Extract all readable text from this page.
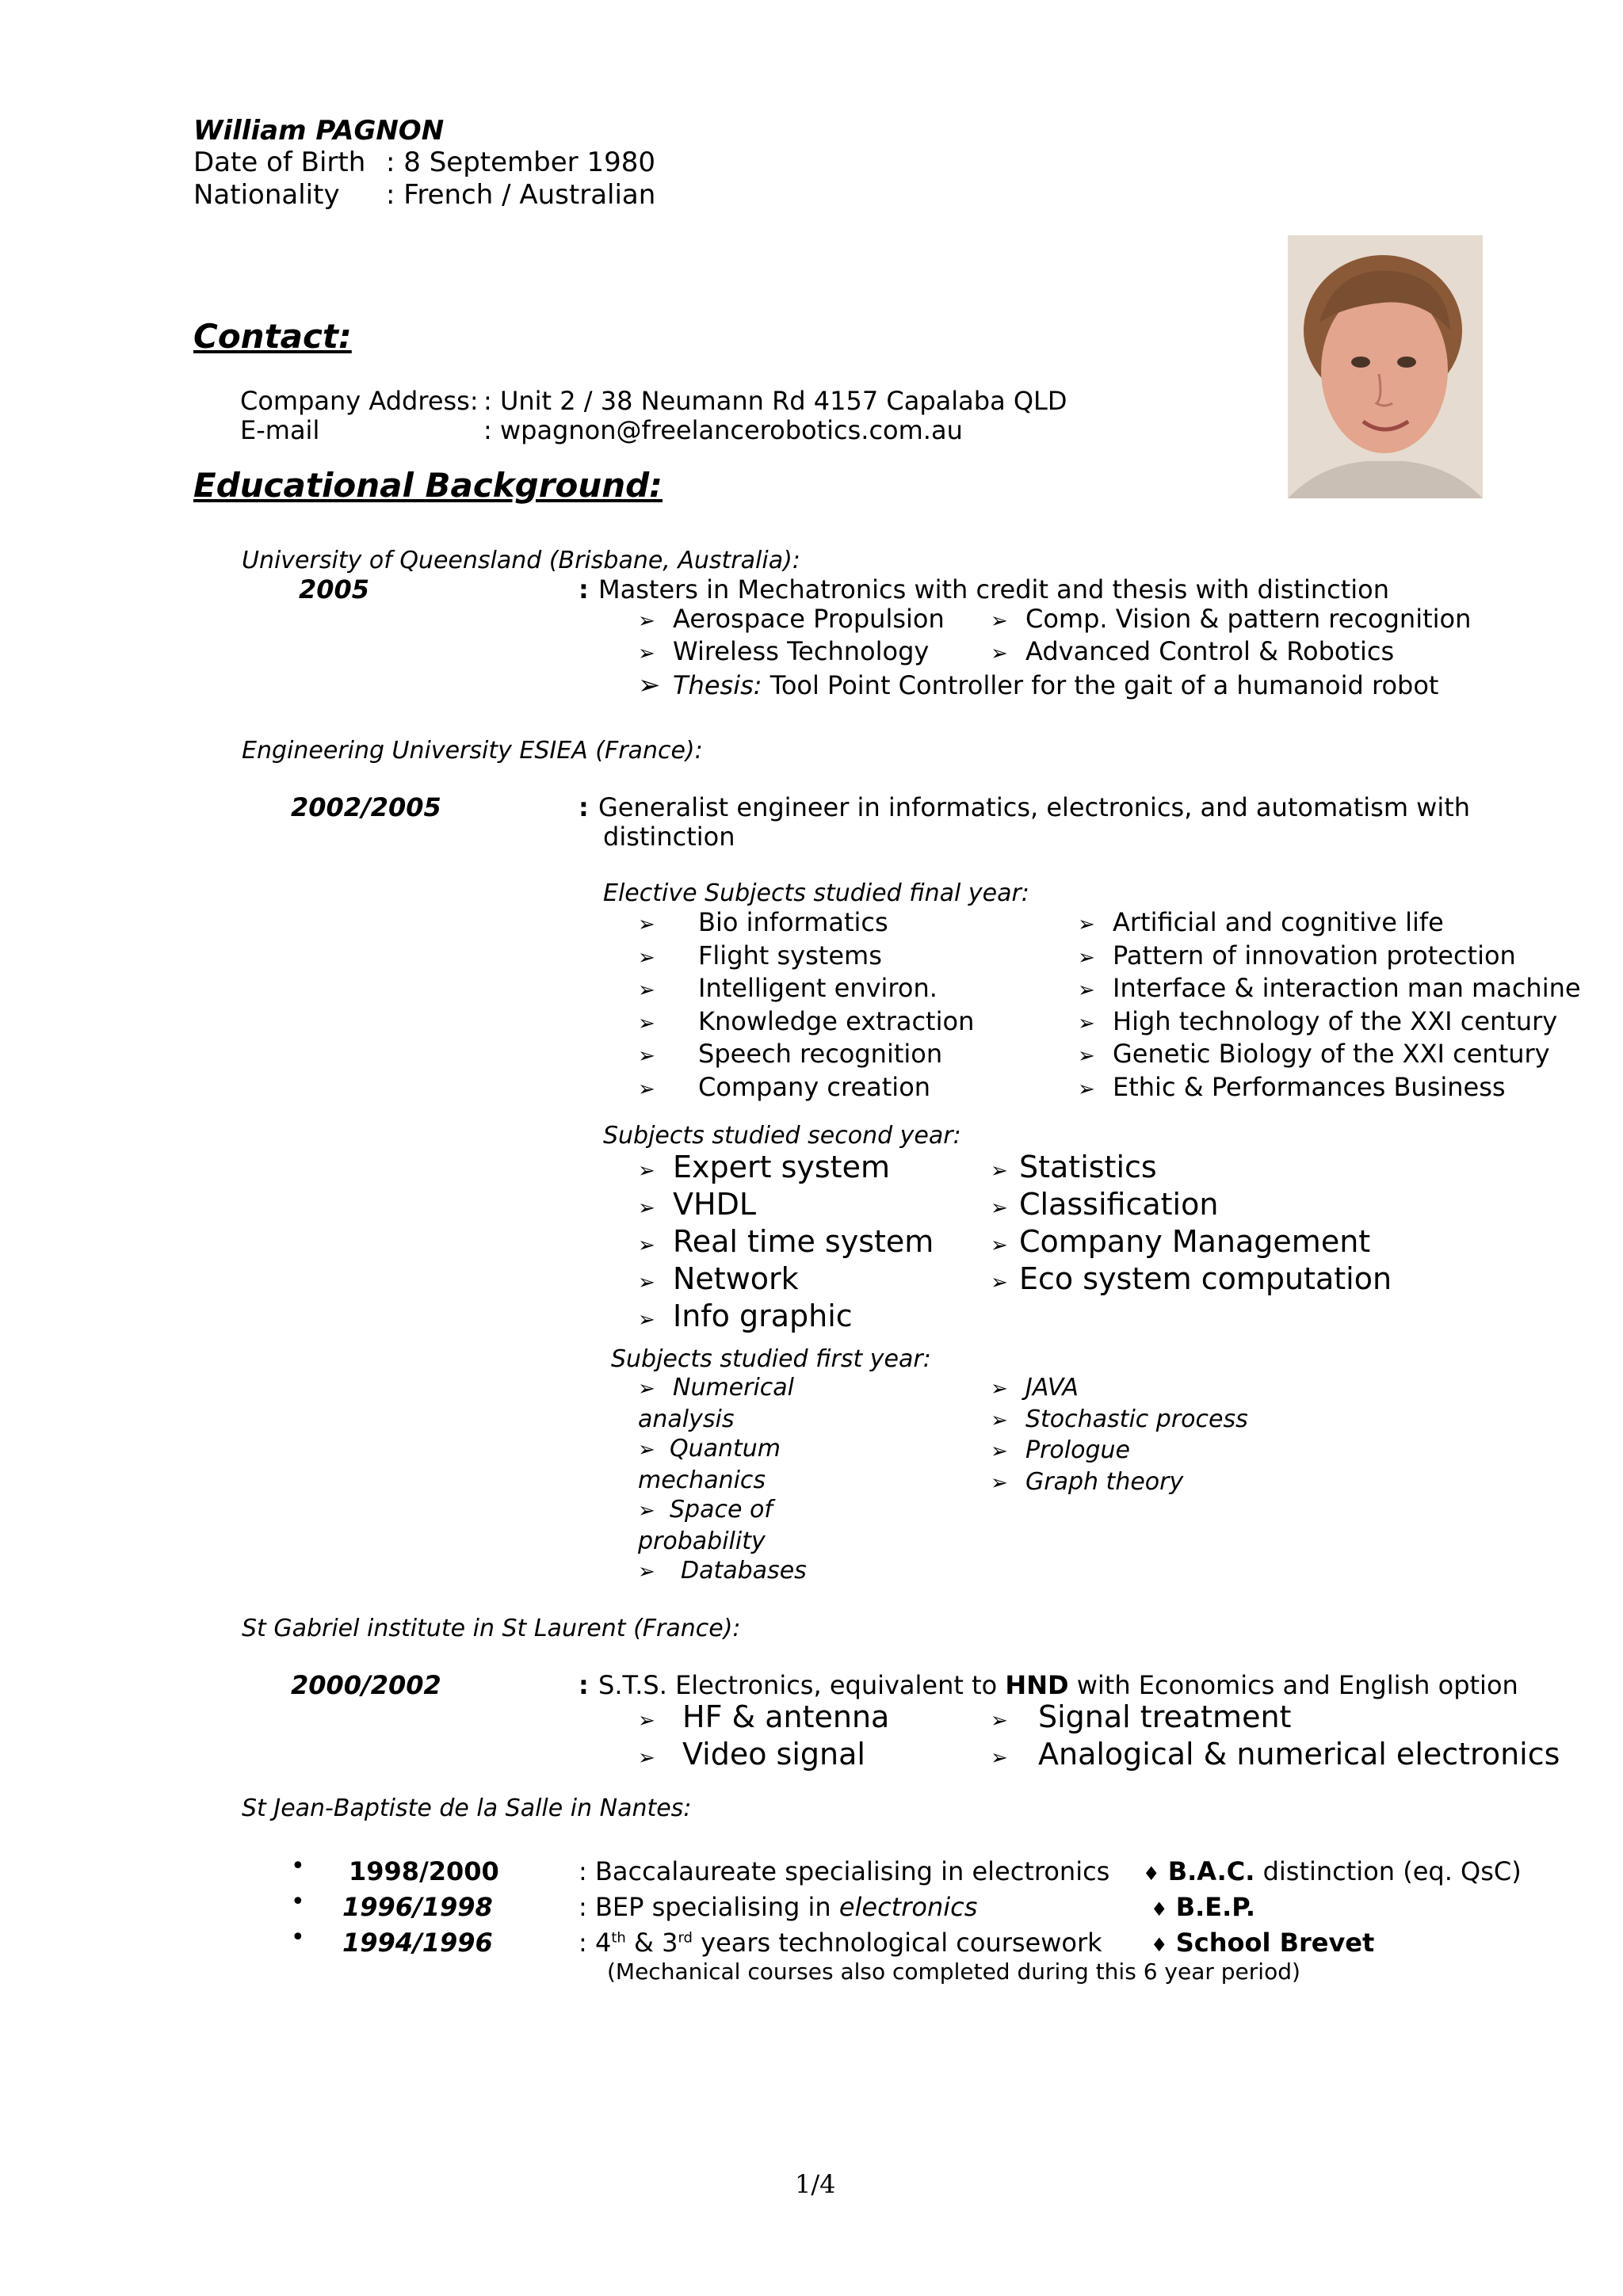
William PAGNON
Date of Birth : 8 September 1980
Nationality : French / Australian
Contact:
Company Address: : Unit 2 / 38 Neumann Rd 4157 Capalaba QLD
E-mail	: wpagnon@freelancerobotics.com.au
Educational Background:
University of Queensland (Brisbane, Australia):
2005	: Masters in Mechatronics with credit and thesis with distinction
➢ Aerospace Propulsion
➢ Wireless Technology
➢ Comp. Vision & pattern recognition
➢ Advanced Control & Robotics
➢ Thesis: Tool Point Controller for the gait of a humanoid robot
Engineering University ESIEA (France):
2002/2005	: Generalist engineer in informatics, electronics, and automatism with
distinction
Elective Subjects studied final year:
➢ Bio informatics
➢ Flight systems
➢ Intelligent environ.
➢ Knowledge extraction
➢ Speech recognition
➢ Company creation
➢ Artificial and cognitive life
➢ Pattern of innovation protection
➢ Interface & interaction man machine
➢ High technology of the XXI century
➢ Genetic Biology of the XXI century
➢ Ethic & Performances Business
Subjects studied second year:
➢ Expert system
➢ VHDL
➢ Real time system
➢ Network
➢ Info graphic
➢ Statistics
➢ Classification
➢ Company Management
➢ Eco system computation
Subjects studied first year:
➢ Numerical
analysis
➢ Quantum
mechanics
➢ Space of
probability
➢ Databases
➢ JAVA
➢ Stochastic process
➢ Prologue
➢ Graph theory
St Gabriel institute in St Laurent (France):
2000/2002	: S.T.S. Electronics, equivalent to HND with Economics and English option
➢ HF & antenna
➢ Video signal
➢ Signal treatment
➢ Analogical & numerical electronics
St Jean-Baptiste de la Salle in Nantes:
• 1998/2000	: Baccalaureate specialising in electronics ♦ B.A.C. distinction (eq. QsC)
• 1996/1998	: BEP specialising in electronics	♦ B.E.P.
• 1994/1996	: 4th & 3rd years technological coursework	♦ School Brevet
(Mechanical courses also completed during this 6 year period)
1/4
